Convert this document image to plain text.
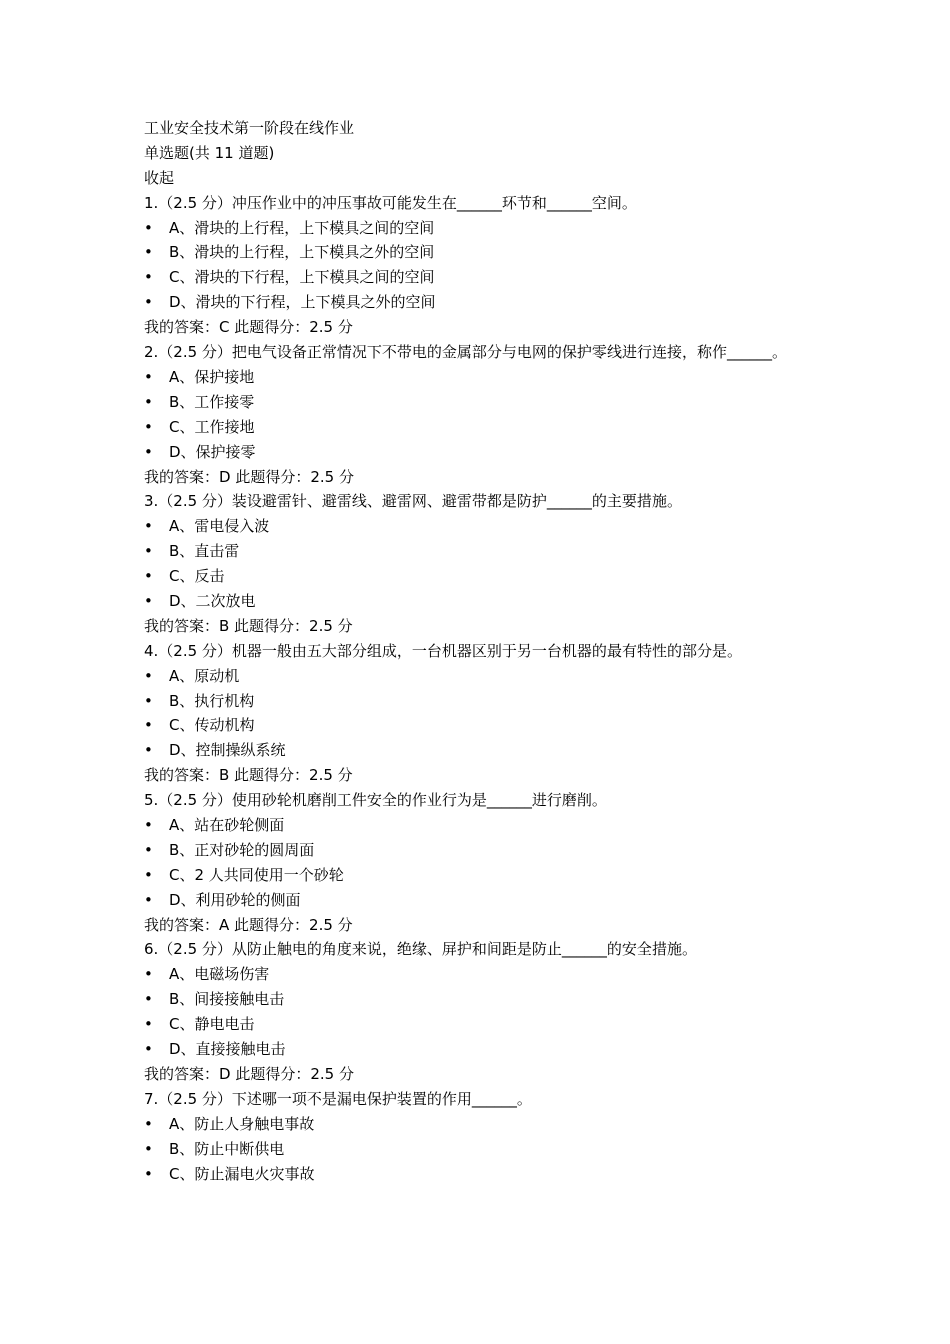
工业安全技术第一阶段在线作业
单选题(共 11 道题)
收起
1.（2.5 分）冲压作业中的冲压事故可能发生在______环节和______空间。
• A、滑块的上行程，上下模具之间的空间
• B、滑块的上行程，上下模具之外的空间
• C、滑块的下行程，上下模具之间的空间
• D、滑块的下行程，上下模具之外的空间
我的答案：C 此题得分：2.5 分
2.（2.5 分）把电气设备正常情况下不带电的金属部分与电网的保护零线进行连接，称作______。
• A、保护接地
• B、工作接零
• C、工作接地
• D、保护接零
我的答案：D 此题得分：2.5 分
3.（2.5 分）装设避雷针、避雷线、避雷网、避雷带都是防护______的主要措施。
• A、雷电侵入波
• B、直击雷
• C、反击
• D、二次放电
我的答案：B 此题得分：2.5 分
4.（2.5 分）机器一般由五大部分组成，一台机器区别于另一台机器的最有特性的部分是。
• A、原动机
• B、执行机构
• C、传动机构
• D、控制操纵系统
我的答案：B 此题得分：2.5 分
5.（2.5 分）使用砂轮机磨削工件安全的作业行为是______进行磨削。
• A、站在砂轮侧面
• B、正对砂轮的圆周面
• C、2 人共同使用一个砂轮
• D、利用砂轮的侧面
我的答案：A 此题得分：2.5 分
6.（2.5 分）从防止触电的角度来说，绝缘、屏护和间距是防止______的安全措施。
• A、电磁场伤害
• B、间接接触电击
• C、静电电击
• D、直接接触电击
我的答案：D 此题得分：2.5 分
7.（2.5 分）下述哪一项不是漏电保护装置的作用______。
• A、防止人身触电事故
• B、防止中断供电
• C、防止漏电火灾事故
